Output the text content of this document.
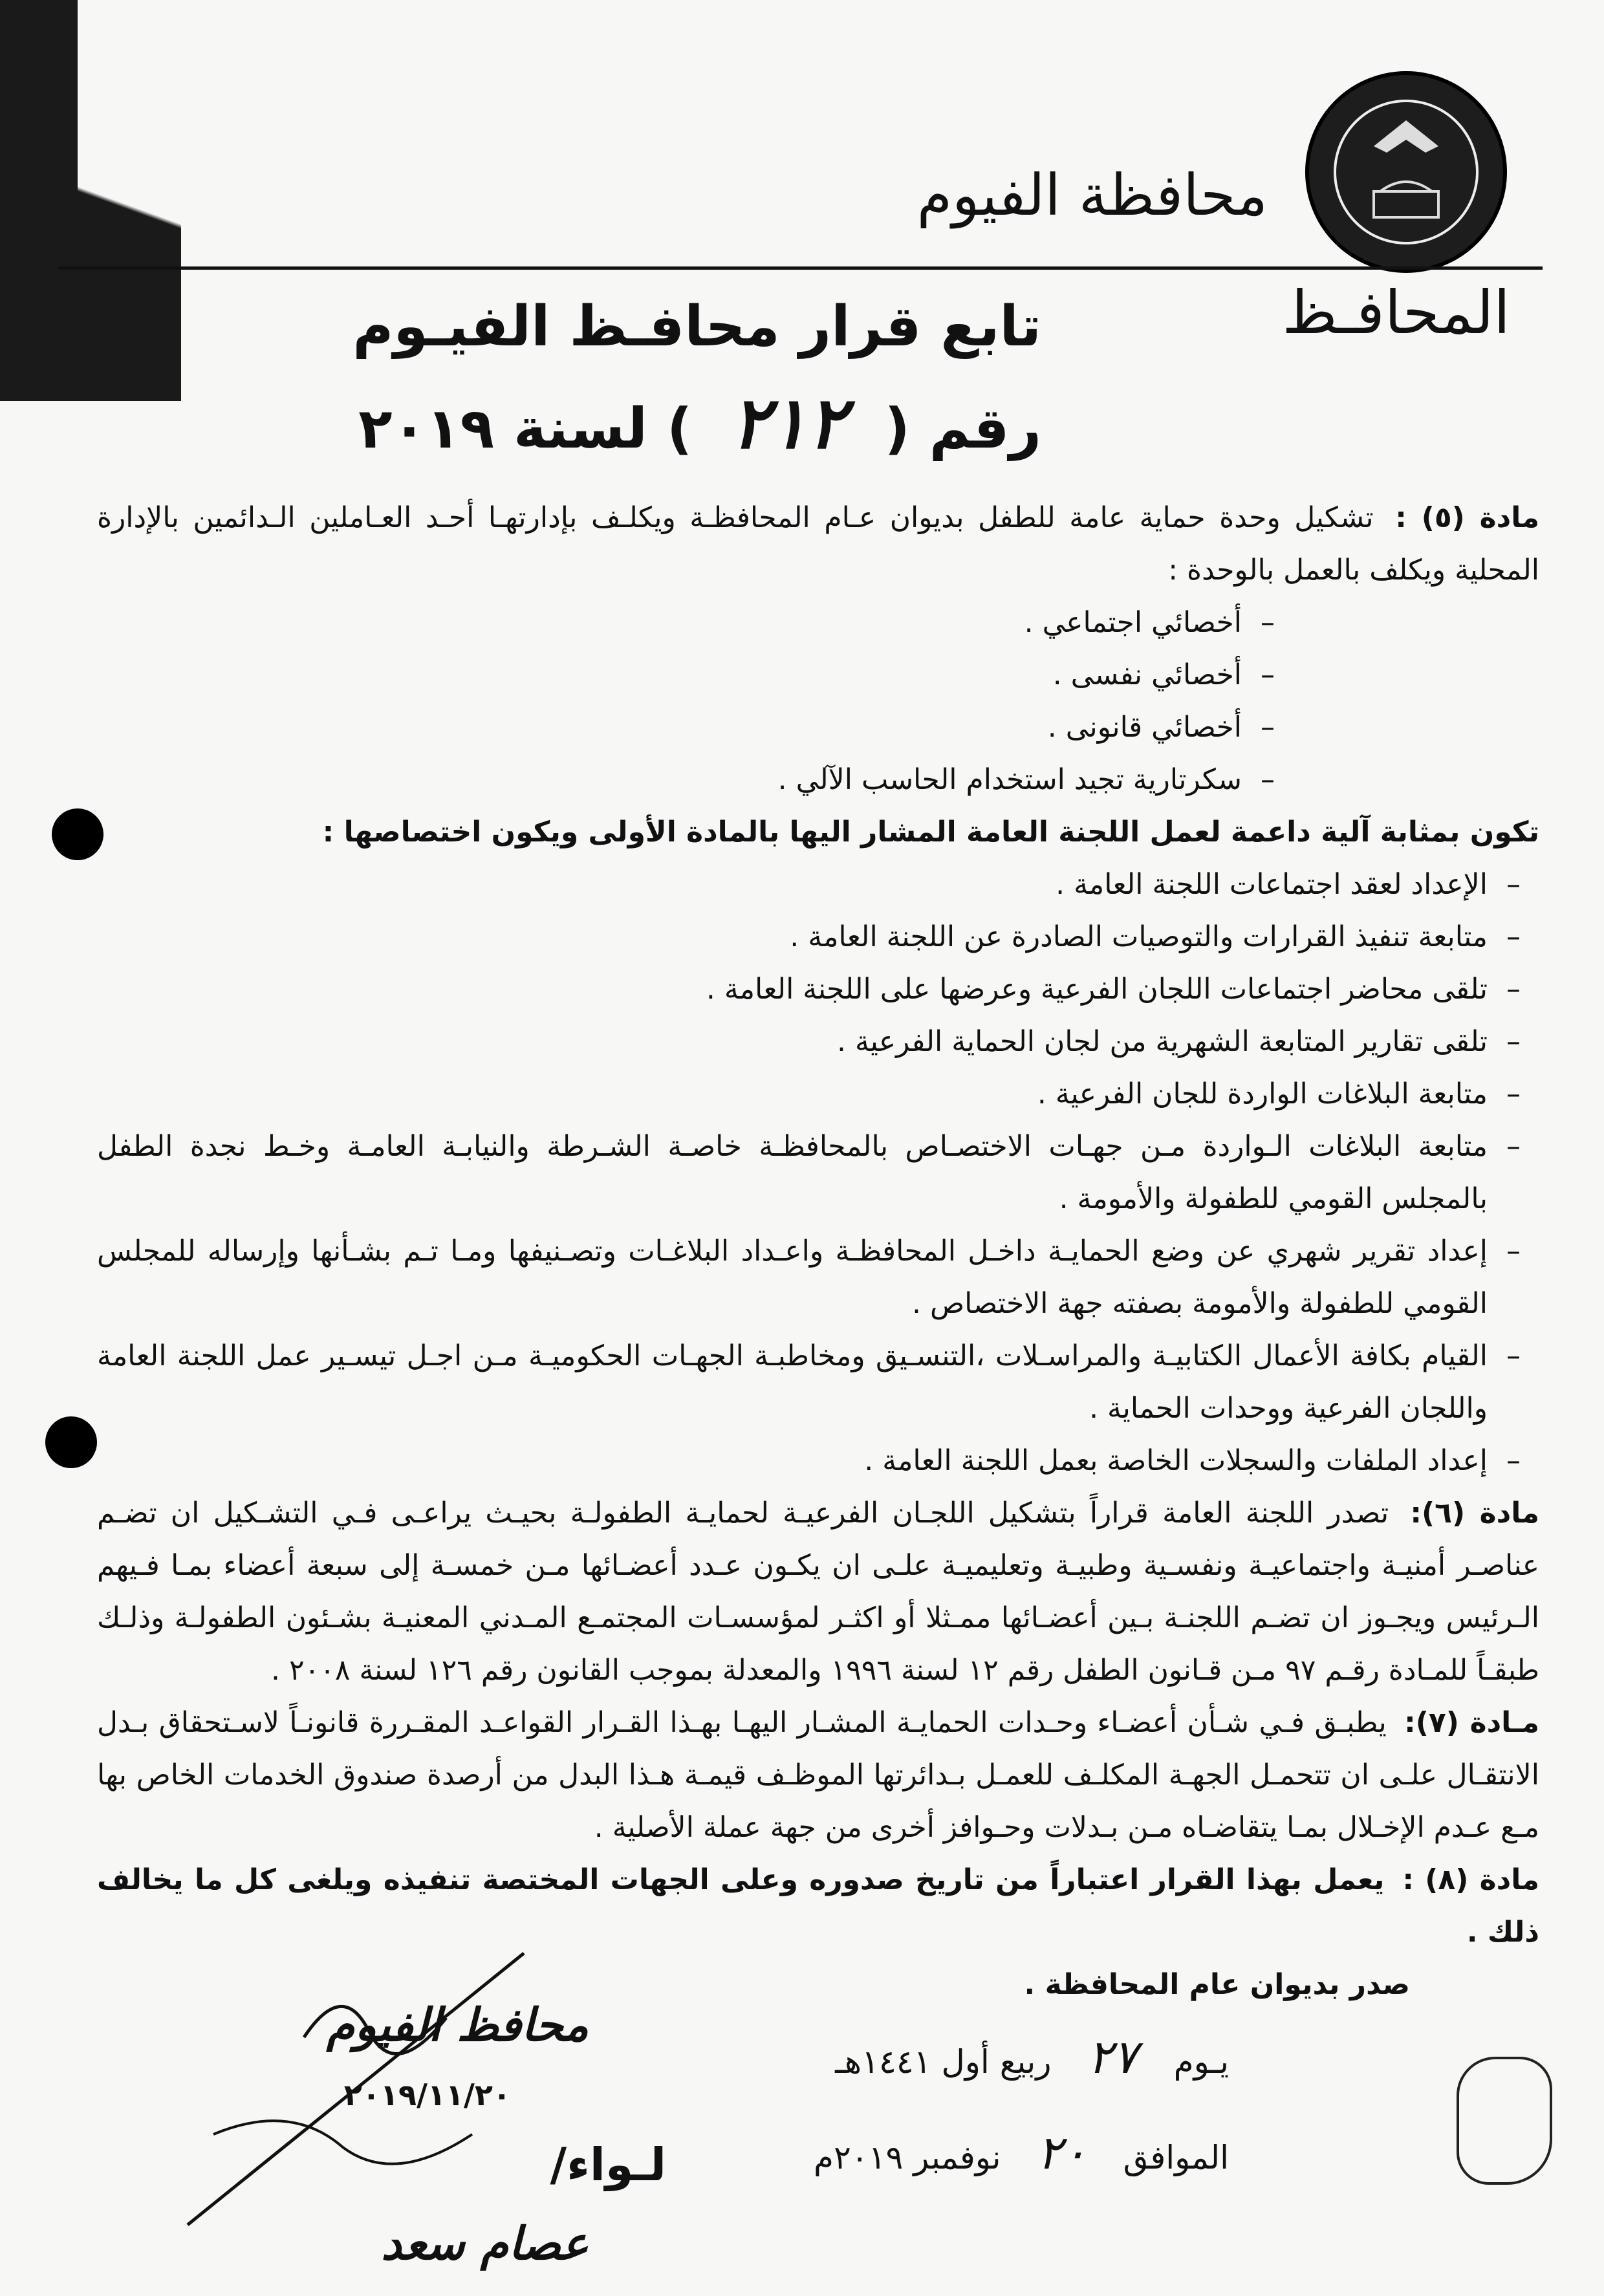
محافظة الفيوم
المحافـظ
تابع قرار محافـظ الفيـوم
رقم ( ٢١٢ ) لسنة ٢٠١٩

مادة (٥) : تشكيل وحدة حماية عامة للطفل بديوان عـام المحافظـة ويكلـف بإدارتهـا أحـد العـاملين الـدائمين بالإدارة المحلية ويكلف بالعمل بالوحدة :

–
أخصائي اجتماعي .
–
أخصائي نفسى .
–
أخصائي قانونى .
–
سكرتارية تجيد استخدام الحاسب الآلي .

تكون بمثابة آلية داعمة لعمل اللجنة العامة المشار اليها بالمادة الأولى ويكون اختصاصها :

–
الإعداد لعقد اجتماعات اللجنة العامة .
–
متابعة تنفيذ القرارات والتوصيات الصادرة عن اللجنة العامة .
–
تلقى محاضر اجتماعات اللجان الفرعية وعرضها على اللجنة العامة .
–
تلقى تقارير المتابعة الشهرية من لجان الحماية الفرعية .
–
متابعة البلاغات الواردة للجان الفرعية .
–
متابعة البلاغات الـواردة مـن جهـات الاختصـاص بالمحافظـة خاصـة الشـرطة والنيابـة العامـة وخـط نجدة الطفل بالمجلس القومي للطفولة والأمومة .
–
إعداد تقرير شهري عن وضع الحمايـة داخـل المحافظـة واعـداد البلاغـات وتصـنيفها ومـا تـم بشـأنها وإرساله للمجلس القومي للطفولة والأمومة بصفته جهة الاختصاص .
–
القيام بكافة الأعمال الكتابيـة والمراسـلات ،التنسـيق ومخاطبـة الجهـات الحكوميـة مـن اجـل تيسـير عمل اللجنة العامة واللجان الفرعية ووحدات الحماية .
–
إعداد الملفات والسجلات الخاصة بعمل اللجنة العامة .

مادة (٦): تصدر اللجنة العامة قراراً بتشكيل اللجـان الفرعيـة لحمايـة الطفولـة بحيـث يراعـى فـي التشـكيل ان تضـم عناصـر أمنيـة واجتماعيـة ونفسـية وطبيـة وتعليميـة علـى ان يكـون عـدد أعضـائها مـن خمسـة إلى سبعة أعضاء بمـا فـيهم الـرئيس ويجـوز ان تضـم اللجنـة بـين أعضـائها ممـثلا أو اكثـر لمؤسسـات المجتمـع المـدني المعنيـة بشـئون الطفولـة وذلـك طبقـاً للمـادة رقـم ٩٧ مـن قـانون الطفل رقم ١٢ لسنة ١٩٩٦ والمعدلة بموجب القانون رقم ١٢٦ لسنة ٢٠٠٨ .

مـادة (٧): يطبـق فـي شـأن أعضـاء وحـدات الحمايـة المشـار اليهـا بهـذا القـرار القواعـد المقـررة قانونـاً لاسـتحقاق بـدل الانتقـال علـى ان تتحمـل الجهـة المكلـف للعمـل بـدائرتها الموظـف قيمـة هـذا البدل من أرصدة صندوق الخدمات الخاص بها مـع عـدم الإخـلال بمـا يتقاضـاه مـن بـدلات وحـوافز أخرى من جهة عملة الأصلية .

مادة (٨) : يعمل بهذا القرار اعتباراً من تاريخ صدوره وعلى الجهات المختصة تنفيذه ويلغى كل ما يخالف ذلك .

صدر بديوان عام المحافظة .

يـوم ٢٧ ربيع أول ١٤٤١هـ
الموافق ٢٠ نوفمبر ٢٠١٩م
محافظ الفيوم
٢٠١٩/١١/٢٠
لـواء/
عصام سعد
